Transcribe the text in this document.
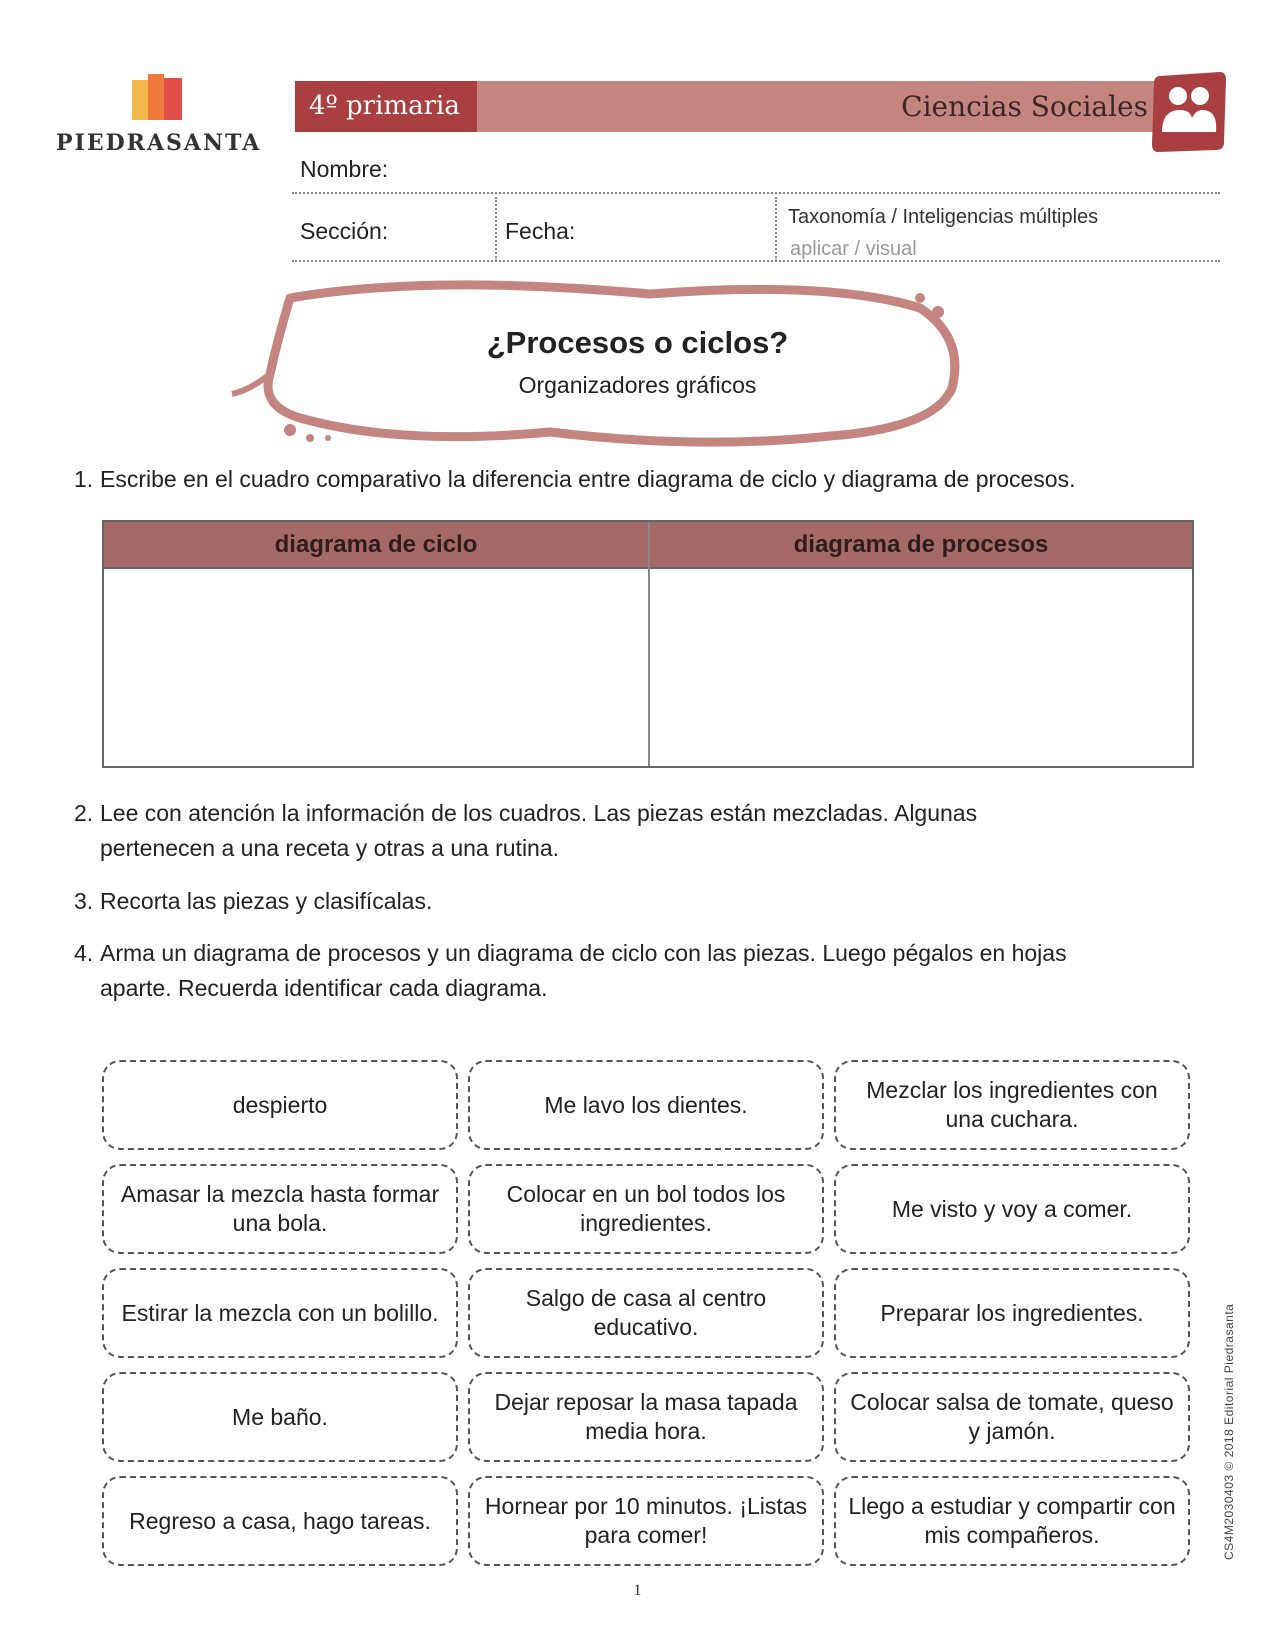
PIEDRASANTA
4º primaria	Ciencias Sociales
Nombre:
Sección:	Fecha:
Taxonomía / Inteligencias múltiples
aplicar / visual
¿Procesos o ciclos?
Organizadores gráficos
1. Escribe en el cuadro comparativo la diferencia entre diagrama de ciclo y diagrama de procesos.
diagrama de ciclo	diagrama de procesos
2. Lee con atención la información de los cuadros. Las piezas están mezcladas. Algunas
pertenecen a una receta y otras a una rutina.
3. Recorta las piezas y clasifícalas.
4. Arma un diagrama de procesos y un diagrama de ciclo con las piezas. Luego pégalos en hojas
aparte. Recuerda identificar cada diagrama.
despierto	Me lavo los dientes.
Mezclar los ingredientes con una cuchara.
Amasar la mezcla hasta formar una bola.
Colocar en un bol todos los ingredientes.
Me visto y voy a comer.
Estirar la mezcla con un bolillo.
Salgo de casa al centro educativo.
Preparar los ingredientes.
Me baño.
Dejar reposar la masa tapada media hora.
Colocar salsa de tomate, queso y jamón.
Regreso a casa, hago tareas.
Hornear por 10 minutos. ¡Listas para comer!
Llego a estudiar y compartir con mis compañeros.	CS4M2030403 © 2018 Editorial Piedrasanta
1
